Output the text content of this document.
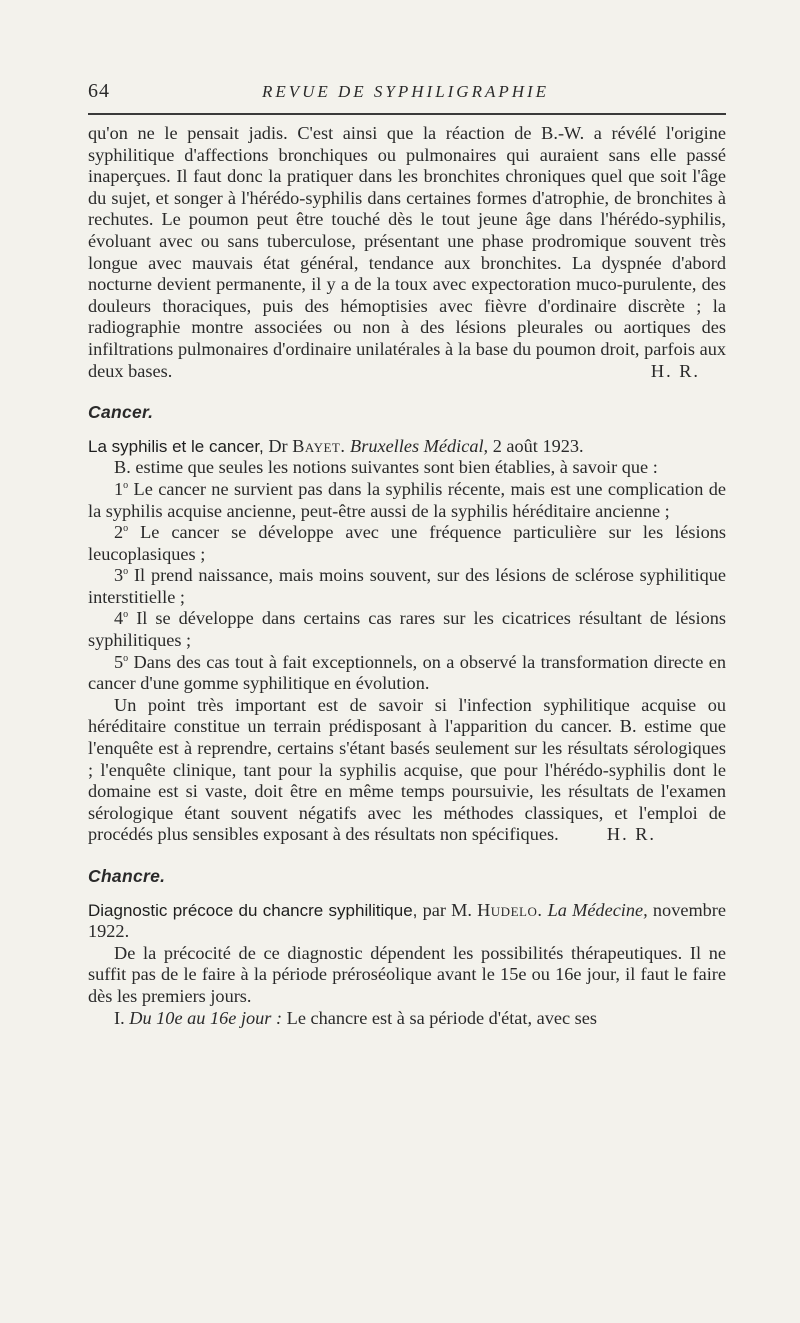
64	REVUE DE SYPHILIGRAPHIE

qu'on ne le pensait jadis. C'est ainsi que la réaction de B.-W. a révélé l'origine syphilitique d'affections bronchiques ou pulmonaires qui auraient sans elle passé inaperçues. Il faut donc la pratiquer dans les bronchites chroniques quel que soit l'âge du sujet, et songer à l'hérédo-syphilis dans certaines formes d'atrophie, de bronchites à rechutes. Le poumon peut être touché dès le tout jeune âge dans l'hérédo-syphilis, évoluant avec ou sans tuberculose, présentant une phase prodromique souvent très longue avec mauvais état général, tendance aux bronchites. La dyspnée d'abord nocturne devient permanente, il y a de la toux avec expectoration muco-purulente, des douleurs thoraciques, puis des hémoptisies avec fièvre d'ordinaire discrète ; la radiographie montre associées ou non à des lésions pleurales ou aortiques des infiltrations pulmonaires d'ordinaire unilatérales à la base du poumon droit, parfois aux deux bases.	H. R.

Cancer.

La syphilis et le cancer, Dr Bayet. Bruxelles Médical, 2 août 1923.

B. estime que seules les notions suivantes sont bien établies, à savoir que :

1$^o$ Le cancer ne survient pas dans la syphilis récente, mais est une complication de la syphilis acquise ancienne, peut-être aussi de la syphilis héréditaire ancienne ;

2$^o$ Le cancer se développe avec une fréquence particulière sur les lésions leucoplasiques ;

3$^o$ Il prend naissance, mais moins souvent, sur des lésions de sclérose syphilitique interstitielle ;

4$^o$ Il se développe dans certains cas rares sur les cicatrices résultant de lésions syphilitiques ;

5$^o$ Dans des cas tout à fait exceptionnels, on a observé la transformation directe en cancer d'une gomme syphilitique en évolution.

Un point très important est de savoir si l'infection syphilitique acquise ou héréditaire constitue un terrain prédisposant à l'apparition du cancer. B. estime que l'enquête est à reprendre, certains s'étant basés seulement sur les résultats sérologiques ; l'enquête clinique, tant pour la syphilis acquise, que pour l'hérédo-syphilis dont le domaine est si vaste, doit être en même temps poursuivie, les résultats de l'examen sérologique étant souvent négatifs avec les méthodes classiques, et l'emploi de procédés plus sensibles exposant à des résultats non spécifiques.	H. R.

Chancre.

Diagnostic précoce du chancre syphilitique, par M. Hudelo. La Médecine, novembre 1922.

De la précocité de ce diagnostic dépendent les possibilités thérapeutiques. Il ne suffit pas de le faire à la période préroséolique avant le 15e ou 16e jour, il faut le faire dès les premiers jours.

I. Du 10e au 16e jour : Le chancre est à sa période d'état, avec ses
